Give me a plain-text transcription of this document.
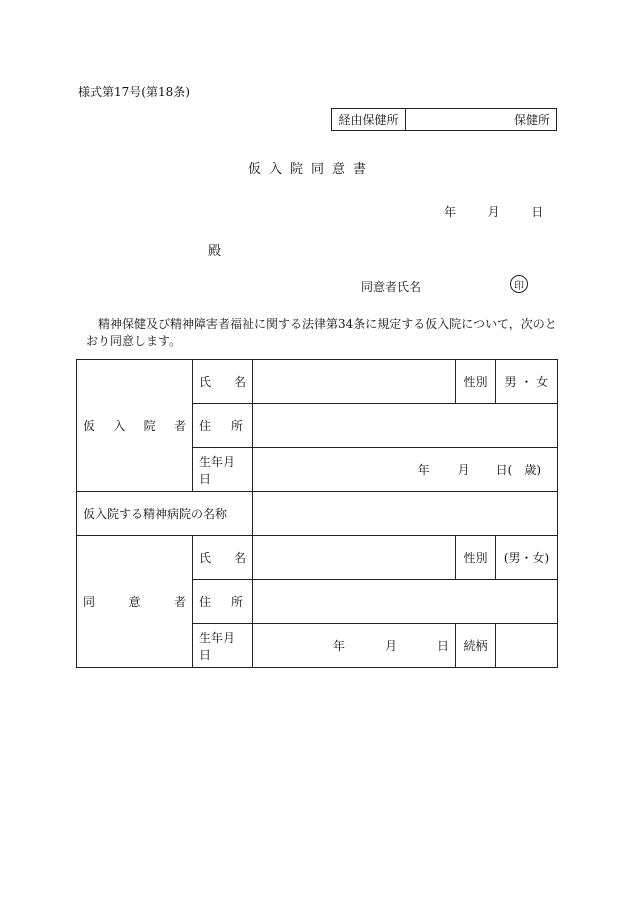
様式第17号(第18条)
経由保健所	保健所
仮入院同意書
年	月	日
殿
同意者氏名	印
精神保健及び精神障害者福祉に関する法律第34条に規定する仮入院について，次のと
おり同意します。
仮 入 院 者	氏 名		性別	男 ・ 女

	住 所			

	生年月日	年 月 日( 歳)		

仮入院する精神病院の名称				

同 意 者	氏 名		性別	(男・女)

	住 所			

	生年月日	年 月 日	続柄	
